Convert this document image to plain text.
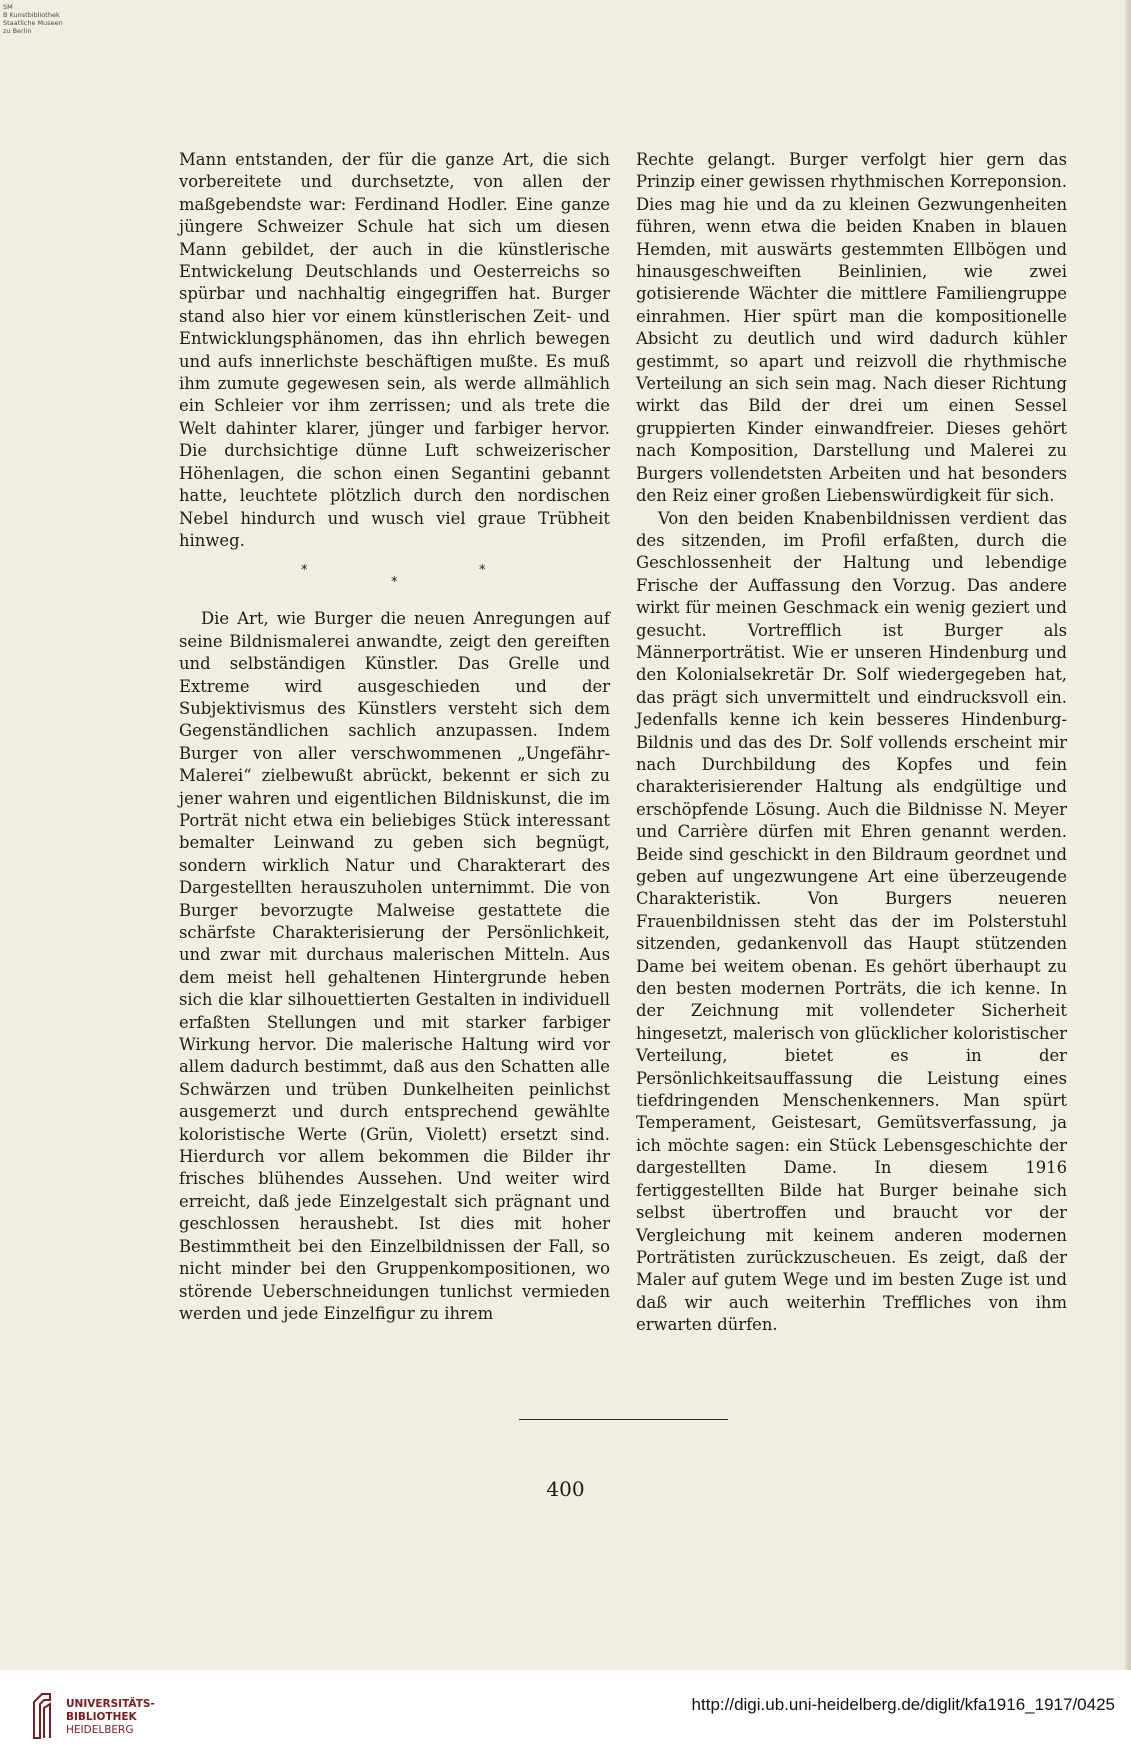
SM
B Kunstbibliothek
Staatliche Museen
zu Berlin

Mann entstanden, der für die ganze Art, die sich vorbereitete und durchsetzte, von allen der maßgebendste war: Ferdinand Hodler. Eine ganze jüngere Schweizer Schule hat sich um diesen Mann gebildet, der auch in die künstlerische Entwickelung Deutschlands und Oesterreichs so spürbar und nachhaltig eingegriffen hat. Burger stand also hier vor einem künstlerischen Zeit- und Entwicklungsphänomen, das ihn ehrlich bewegen und aufs innerlichste beschäftigen mußte. Es muß ihm zumute gegewesen sein, als werde allmählich ein Schleier vor ihm zerrissen; und als trete die Welt dahinter klarer, jünger und farbiger hervor. Die durchsichtige dünne Luft schweizerischer Höhenlagen, die schon einen Segantini gebannt hatte, leuchtete plötzlich durch den nordischen Nebel hindurch und wusch viel graue Trübheit hinweg.

*
*
*

Die Art, wie Burger die neuen Anregungen auf seine Bildnismalerei anwandte, zeigt den gereiften und selbständigen Künstler. Das Grelle und Extreme wird ausgeschieden und der Subjektivismus des Künstlers versteht sich dem Gegenständlichen sachlich anzupassen. Indem Burger von aller verschwommenen „Ungefähr-Malerei“ zielbewußt abrückt, bekennt er sich zu jener wahren und eigentlichen Bildniskunst, die im Porträt nicht etwa ein beliebiges Stück interessant bemalter Leinwand zu geben sich begnügt, sondern wirklich Natur und Charakterart des Dargestellten herauszuholen unternimmt. Die von Burger bevorzugte Malweise gestattete die schärfste Charakterisierung der Persönlichkeit, und zwar mit durchaus malerischen Mitteln. Aus dem meist hell gehaltenen Hintergrunde heben sich die klar silhouettierten Gestalten in individuell erfaßten Stellungen und mit starker farbiger Wirkung hervor. Die malerische Haltung wird vor allem dadurch bestimmt, daß aus den Schatten alle Schwärzen und trüben Dunkelheiten peinlichst ausgemerzt und durch entsprechend gewählte koloristische Werte (Grün, Violett) ersetzt sind. Hierdurch vor allem bekommen die Bilder ihr frisches blühendes Aussehen. Und weiter wird erreicht, daß jede Einzelgestalt sich prägnant und geschlossen heraushebt. Ist dies mit hoher Bestimmtheit bei den Einzelbildnissen der Fall, so nicht minder bei den Gruppenkompositionen, wo störende Ueberschneidungen tunlichst vermieden werden und jede Einzelfigur zu ihrem

Rechte gelangt. Burger verfolgt hier gern das Prinzip einer gewissen rhythmischen Korreponsion. Dies mag hie und da zu kleinen Gezwungenheiten führen, wenn etwa die beiden Knaben in blauen Hemden, mit auswärts gestemmten Ellbögen und hinausgeschweiften Beinlinien, wie zwei gotisierende Wächter die mittlere Familiengruppe einrahmen. Hier spürt man die kompositionelle Absicht zu deutlich und wird dadurch kühler gestimmt, so apart und reizvoll die rhythmische Verteilung an sich sein mag. Nach dieser Richtung wirkt das Bild der drei um einen Sessel gruppierten Kinder einwandfreier. Dieses gehört nach Komposition, Darstellung und Malerei zu Burgers vollendetsten Arbeiten und hat besonders den Reiz einer großen Liebenswürdigkeit für sich.

Von den beiden Knabenbildnissen verdient das des sitzenden, im Profil erfaßten, durch die Geschlossenheit der Haltung und lebendige Frische der Auffassung den Vorzug. Das andere wirkt für meinen Geschmack ein wenig geziert und gesucht. Vortrefflich ist Burger als Männerporträtist. Wie er unseren Hindenburg und den Kolonialsekretär Dr. Solf wiedergegeben hat, das prägt sich unvermittelt und eindrucksvoll ein. Jedenfalls kenne ich kein besseres Hindenburg-Bildnis und das des Dr. Solf vollends erscheint mir nach Durchbildung des Kopfes und fein charakterisierender Haltung als endgültige und erschöpfende Lösung. Auch die Bildnisse N. Meyer und Carrière dürfen mit Ehren genannt werden. Beide sind geschickt in den Bildraum geordnet und geben auf ungezwungene Art eine überzeugende Charakteristik. Von Burgers neueren Frauenbildnissen steht das der im Polsterstuhl sitzenden, gedankenvoll das Haupt stützenden Dame bei weitem obenan. Es gehört überhaupt zu den besten modernen Porträts, die ich kenne. In der Zeichnung mit vollendeter Sicherheit hingesetzt, malerisch von glücklicher koloristischer Verteilung, bietet es in der Persönlichkeitsauffassung die Leistung eines tiefdringenden Menschenkenners. Man spürt Temperament, Geistesart, Gemütsverfassung, ja ich möchte sagen: ein Stück Lebensgeschichte der dargestellten Dame. In diesem 1916 fertiggestellten Bilde hat Burger beinahe sich selbst übertroffen und braucht vor der Vergleichung mit keinem anderen modernen Porträtisten zurückzuscheuen. Es zeigt, daß der Maler auf gutem Wege und im besten Zuge ist und daß wir auch weiterhin Treffliches von ihm erwarten dürfen.

400
UNIVERSITÄTS-
BIBLIOTHEK
HEIDELBERG
http://digi.ub.uni-heidelberg.de/diglit/kfa1916_1917/0425
